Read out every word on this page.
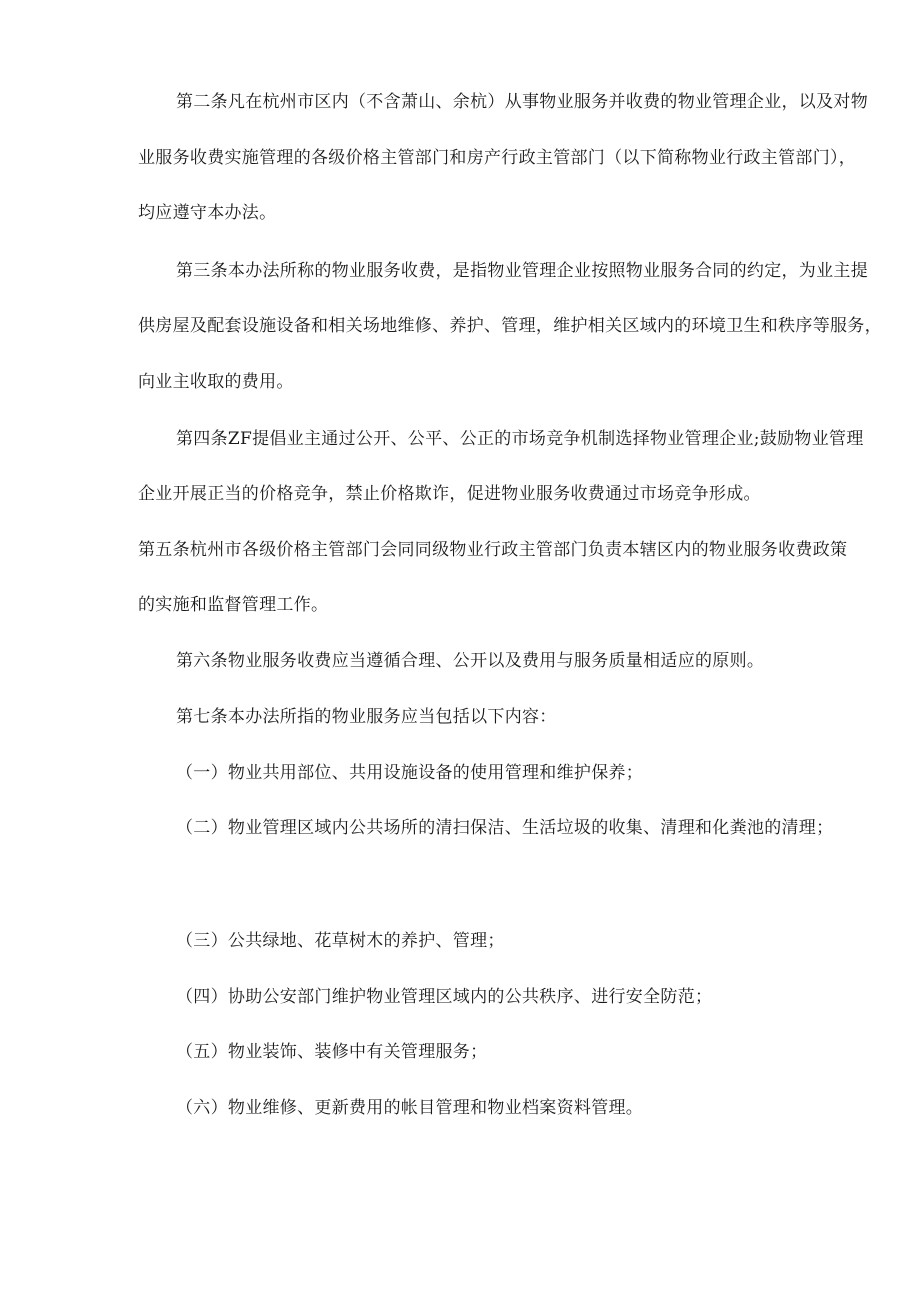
第二条凡在杭州市区内（不含萧山、余杭）从事物业服务并收费的物业管理企业，以及对物
业服务收费实施管理的各级价格主管部门和房产行政主管部门（以下简称物业行政主管部门），
均应遵守本办法。
第三条本办法所称的物业服务收费，是指物业管理企业按照物业服务合同的约定，为业主提
供房屋及配套设施设备和相关场地维修、养护、管理，维护相关区域内的环境卫生和秩序等服务，
向业主收取的费用。
第四条ZF提倡业主通过公开、公平、公正的市场竞争机制选择物业管理企业;鼓励物业管理
企业开展正当的价格竞争，禁止价格欺诈，促进物业服务收费通过市场竞争形成。
第五条杭州市各级价格主管部门会同同级物业行政主管部门负责本辖区内的物业服务收费政策
的实施和监督管理工作。
第六条物业服务收费应当遵循合理、公开以及费用与服务质量相适应的原则。
第七条本办法所指的物业服务应当包括以下内容：
（一）物业共用部位、共用设施设备的使用管理和维护保养；
（二）物业管理区域内公共场所的清扫保洁、生活垃圾的收集、清理和化粪池的清理；
（三）公共绿地、花草树木的养护、管理；
（四）协助公安部门维护物业管理区域内的公共秩序、进行安全防范；
（五）物业装饰、装修中有关管理服务；
（六）物业维修、更新费用的帐目管理和物业档案资料管理。
